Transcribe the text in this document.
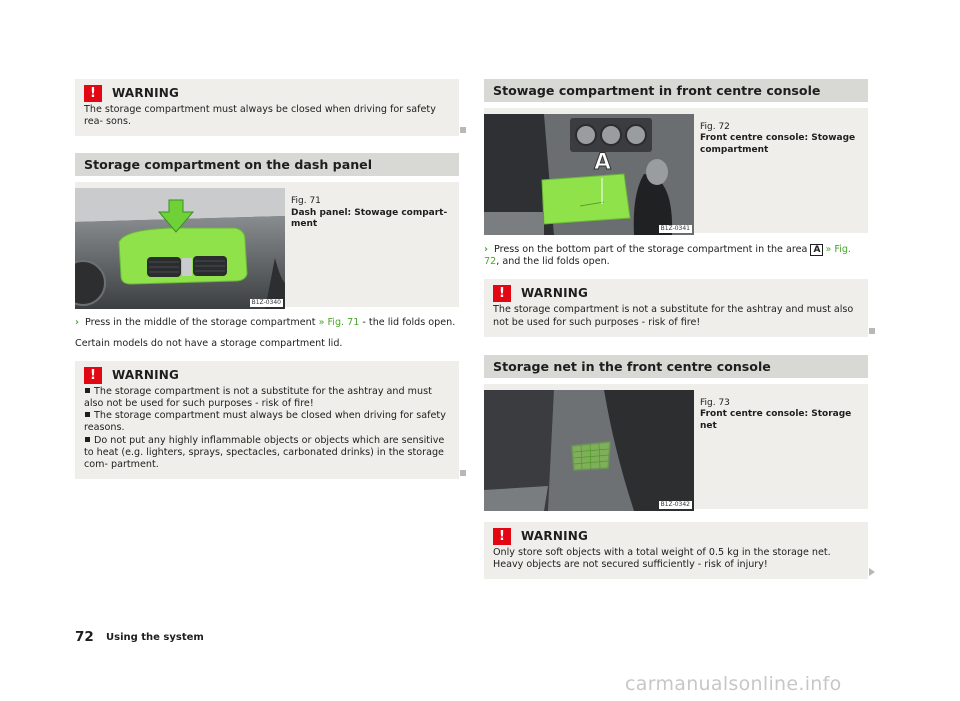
!	WARNING
The storage compartment must always be closed when driving for safety rea- sons.
Storage compartment on the dash panel
B1Z-0340
Fig. 71
Dash panel: Stowage compart- ment
› Press in the middle of the storage compartment » Fig. 71 - the lid folds open.
Certain models do not have a storage compartment lid.
!	WARNING

The storage compartment is not a substitute for the ashtray and must also not be used for such purposes - risk of fire!

The storage compartment must always be closed when driving for safety reasons.

Do not put any highly inflammable objects or objects which are sensitive to heat (e.g. lighters, sprays, spectacles, carbonated drinks) in the storage com- partment.

Stowage compartment in front centre console
A
B1Z-0341
Fig. 72
Front centre console: Stowage compartment
› Press on the bottom part of the storage compartment in the area A » Fig. 72, and the lid folds open.
!	WARNING
The storage compartment is not a substitute for the ashtray and must also not be used for such purposes - risk of fire!
Storage net in the front centre console
B1Z-0342
Fig. 73
Front centre console: Storage net
!	WARNING
Only store soft objects with a total weight of 0.5 kg in the storage net. Heavy objects are not secured sufficiently - risk of injury!
72 Using the system
carmanualsonline.info
